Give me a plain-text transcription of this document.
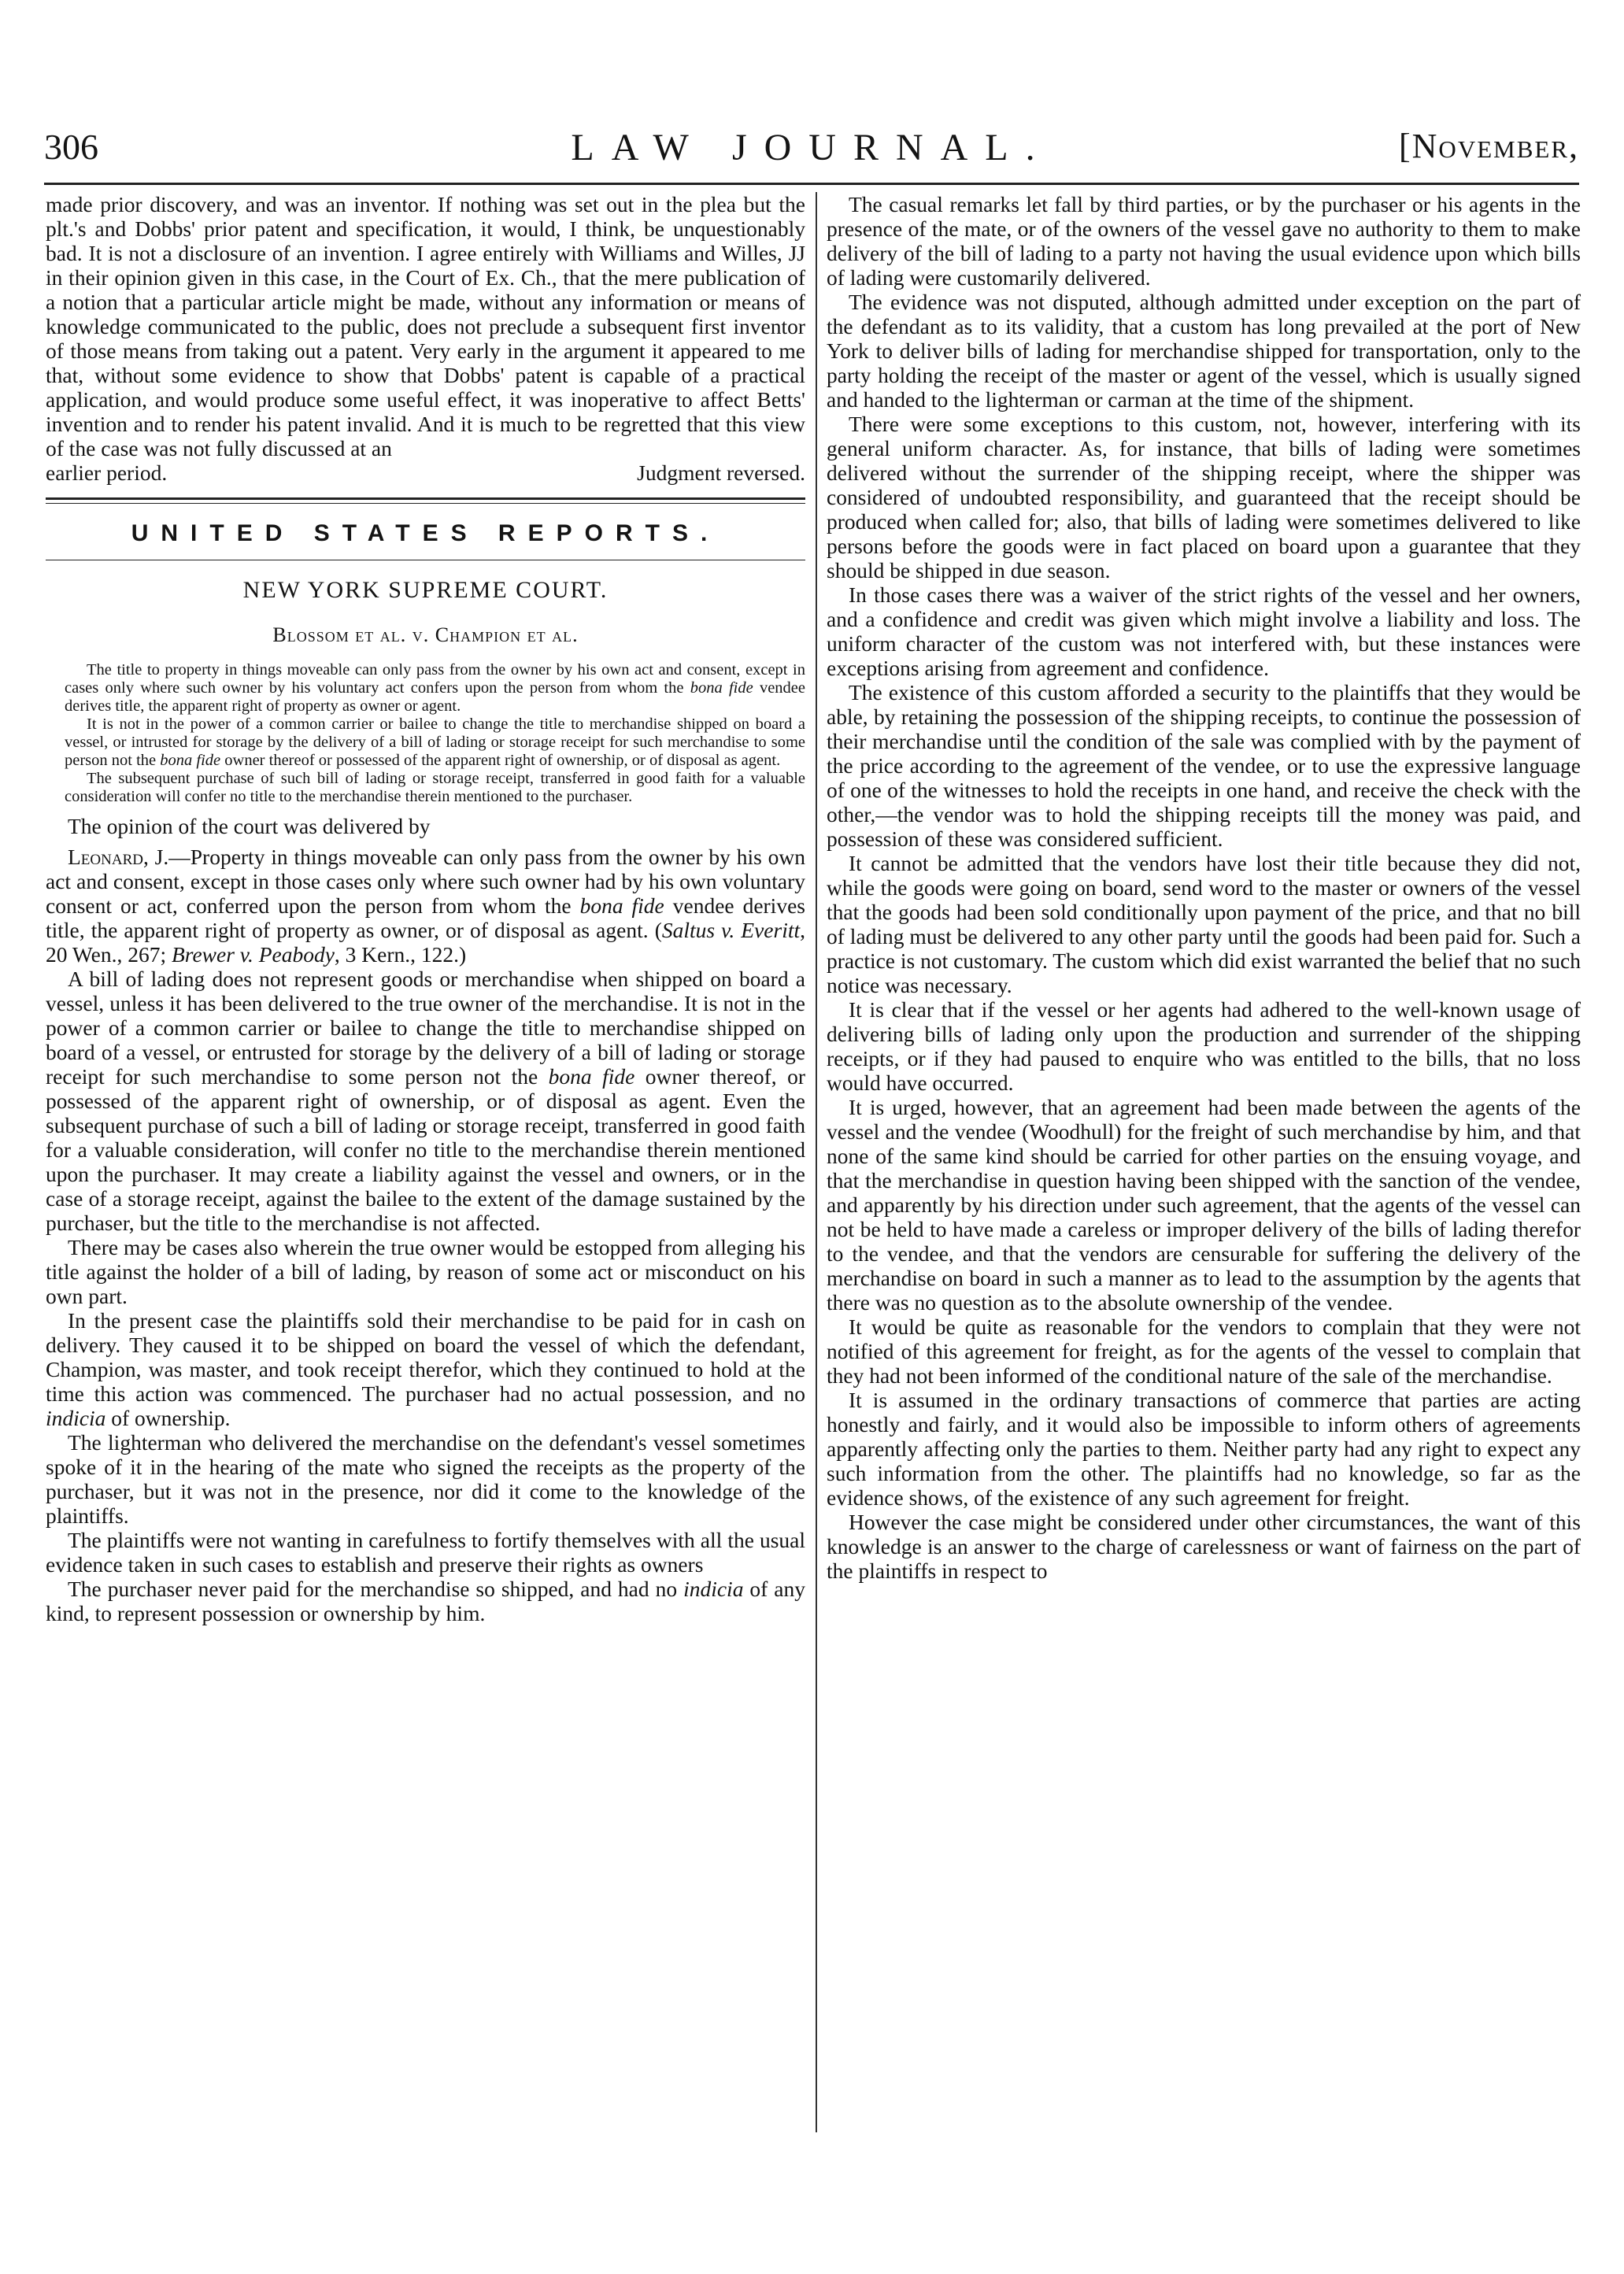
306	LAW JOURNAL.	[November,

made prior discovery, and was an inventor. If nothing was set out in the plea but the plt.'s and Dobbs' prior patent and specification, it would, I think, be unquestionably bad. It is not a disclosure of an invention. I agree entirely with Williams and Willes, JJ in their opinion given in this case, in the Court of Ex. Ch., that the mere publication of a notion that a particular article might be made, without any information or means of knowledge communicated to the public, does not preclude a subsequent first inventor of those means from taking out a patent. Very early in the argument it appeared to me that, without some evidence to show that Dobbs' patent is capable of a practical application, and would produce some useful effect, it was inoperative to affect Betts' invention and to render his patent invalid. And it is much to be regretted that this view of the case was not fully discussed at an

earlier period.	Judgment reversed.
UNITED STATES REPORTS.
NEW YORK SUPREME COURT.
Blossom et al. v. Champion et al.

The title to property in things moveable can only pass from the owner by his own act and consent, except in cases only where such owner by his voluntary act confers upon the person from whom the bona fide vendee derives title, the apparent right of property as owner or agent.

It is not in the power of a common carrier or bailee to change the title to merchandise shipped on board a vessel, or intrusted for storage by the delivery of a bill of lading or storage receipt for such merchandise to some person not the bona fide owner thereof or possessed of the apparent right of ownership, or of disposal as agent.

The subsequent purchase of such bill of lading or storage receipt, transferred in good faith for a valuable consideration will confer no title to the merchandise therein mentioned to the purchaser.

The opinion of the court was delivered by

Leonard, J.—Property in things moveable can only pass from the owner by his own act and consent, except in those cases only where such owner had by his own voluntary consent or act, conferred upon the person from whom the bona fide vendee derives title, the apparent right of property as owner, or of disposal as agent. (Saltus v. Everitt, 20 Wen., 267; Brewer v. Peabody, 3 Kern., 122.)

A bill of lading does not represent goods or merchandise when shipped on board a vessel, unless it has been delivered to the true owner of the merchandise. It is not in the power of a common carrier or bailee to change the title to merchandise shipped on board of a vessel, or entrusted for storage by the delivery of a bill of lading or storage receipt for such merchandise to some person not the bona fide owner thereof, or possessed of the apparent right of ownership, or of disposal as agent. Even the subsequent purchase of such a bill of lading or storage receipt, transferred in good faith for a valuable consideration, will confer no title to the merchandise therein mentioned upon the purchaser. It may create a liability against the vessel and owners, or in the case of a storage receipt, against the bailee to the extent of the damage sustained by the purchaser, but the title to the merchandise is not affected.

There may be cases also wherein the true owner would be estopped from alleging his title against the holder of a bill of lading, by reason of some act or misconduct on his own part.

In the present case the plaintiffs sold their merchandise to be paid for in cash on delivery. They caused it to be shipped on board the vessel of which the defendant, Champion, was master, and took receipt therefor, which they continued to hold at the time this action was commenced. The purchaser had no actual possession, and no indicia of ownership.

The lighterman who delivered the merchandise on the defendant's vessel sometimes spoke of it in the hearing of the mate who signed the receipts as the property of the purchaser, but it was not in the presence, nor did it come to the knowledge of the plaintiffs.

The plaintiffs were not wanting in carefulness to fortify themselves with all the usual evidence taken in such cases to establish and preserve their rights as owners

The purchaser never paid for the merchandise so shipped, and had no indicia of any kind, to represent possession or ownership by him.

The casual remarks let fall by third parties, or by the purchaser or his agents in the presence of the mate, or of the owners of the vessel gave no authority to them to make delivery of the bill of lading to a party not having the usual evidence upon which bills of lading were customarily delivered.

The evidence was not disputed, although admitted under exception on the part of the defendant as to its validity, that a custom has long prevailed at the port of New York to deliver bills of lading for merchandise shipped for transportation, only to the party holding the receipt of the master or agent of the vessel, which is usually signed and handed to the lighterman or carman at the time of the shipment.

There were some exceptions to this custom, not, however, interfering with its general uniform character. As, for instance, that bills of lading were sometimes delivered without the surrender of the shipping receipt, where the shipper was considered of undoubted responsibility, and guaranteed that the receipt should be produced when called for; also, that bills of lading were sometimes delivered to like persons before the goods were in fact placed on board upon a guarantee that they should be shipped in due season.

In those cases there was a waiver of the strict rights of the vessel and her owners, and a confidence and credit was given which might involve a liability and loss. The uniform character of the custom was not interfered with, but these instances were exceptions arising from agreement and confidence.

The existence of this custom afforded a security to the plaintiffs that they would be able, by retaining the possession of the shipping receipts, to continue the possession of their merchandise until the condition of the sale was complied with by the payment of the price according to the agreement of the vendee, or to use the expressive language of one of the witnesses to hold the receipts in one hand, and receive the check with the other,—the vendor was to hold the shipping receipts till the money was paid, and possession of these was considered sufficient.

It cannot be admitted that the vendors have lost their title because they did not, while the goods were going on board, send word to the master or owners of the vessel that the goods had been sold conditionally upon payment of the price, and that no bill of lading must be delivered to any other party until the goods had been paid for. Such a practice is not customary. The custom which did exist warranted the belief that no such notice was necessary.

It is clear that if the vessel or her agents had adhered to the well-known usage of delivering bills of lading only upon the production and surrender of the shipping receipts, or if they had paused to enquire who was entitled to the bills, that no loss would have occurred.

It is urged, however, that an agreement had been made between the agents of the vessel and the vendee (Woodhull) for the freight of such merchandise by him, and that none of the same kind should be carried for other parties on the ensuing voyage, and that the merchandise in question having been shipped with the sanction of the vendee, and apparently by his direction under such agreement, that the agents of the vessel can not be held to have made a careless or improper delivery of the bills of lading therefor to the vendee, and that the vendors are censurable for suffering the delivery of the merchandise on board in such a manner as to lead to the assumption by the agents that there was no question as to the absolute ownership of the vendee.

It would be quite as reasonable for the vendors to complain that they were not notified of this agreement for freight, as for the agents of the vessel to complain that they had not been informed of the conditional nature of the sale of the merchandise.

It is assumed in the ordinary transactions of commerce that parties are acting honestly and fairly, and it would also be impossible to inform others of agreements apparently affecting only the parties to them. Neither party had any right to expect any such information from the other. The plaintiffs had no knowledge, so far as the evidence shows, of the existence of any such agreement for freight.

However the case might be considered under other circumstances, the want of this knowledge is an answer to the charge of carelessness or want of fairness on the part of the plaintiffs in respect to
